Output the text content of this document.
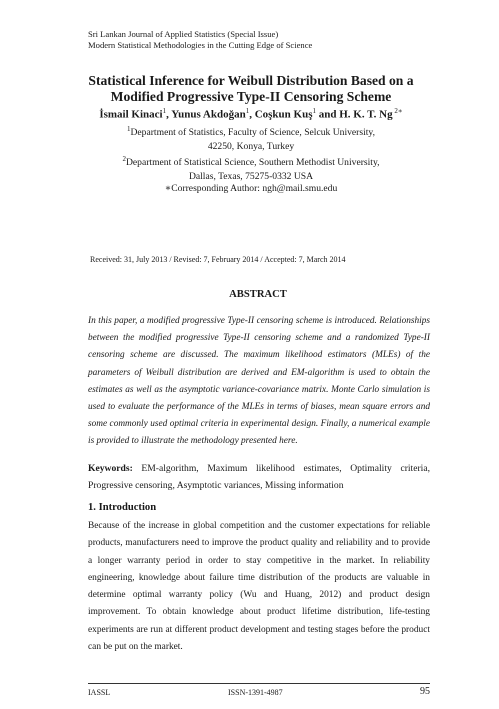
Sri Lankan Journal of Applied Statistics (Special Issue)
Modern Statistical Methodologies in the Cutting Edge of Science
Statistical Inference for Weibull Distribution Based on a
Modified Progressive Type-II Censoring Scheme
İsmail Kinaci$^1$, Yunus Akdoğan$^1$, Coşkun Kuş$^1$ and H. K. T. Ng $^{2∗}$
$^1$Department of Statistics, Faculty of Science, Selcuk University,
42250, Konya, Turkey
$^2$Department of Statistical Science, Southern Methodist University,
Dallas, Texas, 75275-0332 USA
∗Corresponding Author: ngh@mail.smu.edu
Received: 31, July 2013 / Revised: 7, February 2014 / Accepted: 7, March 2014
ABSTRACT
In this paper, a modified progressive Type-II censoring scheme is introduced. Relationships between the modified progressive Type-II censoring scheme and a randomized Type-II censoring scheme are discussed. The maximum likelihood estimators (MLEs) of the parameters of Weibull distribution are derived and EM-algorithm is used to obtain the estimates as well as the asymptotic variance-covariance matrix. Monte Carlo simulation is used to evaluate the performance of the MLEs in terms of biases, mean square errors and some commonly used optimal criteria in experimental design. Finally, a numerical example is provided to illustrate the methodology presented here.
Keywords: EM-algorithm, Maximum likelihood estimates, Optimality criteria, Progressive censoring, Asymptotic variances, Missing information
1. Introduction
Because of the increase in global competition and the customer expectations for reliable products, manufacturers need to improve the product quality and reliability and to provide a longer warranty period in order to stay competitive in the market. In reliability engineering, knowledge about failure time distribution of the products are valuable in determine optimal warranty policy (Wu and Huang, 2012) and product design improvement. To obtain knowledge about product lifetime distribution, life-testing experiments are run at different product development and testing stages before the product can be put on the market.
IASSL	ISSN-1391-4987	95
